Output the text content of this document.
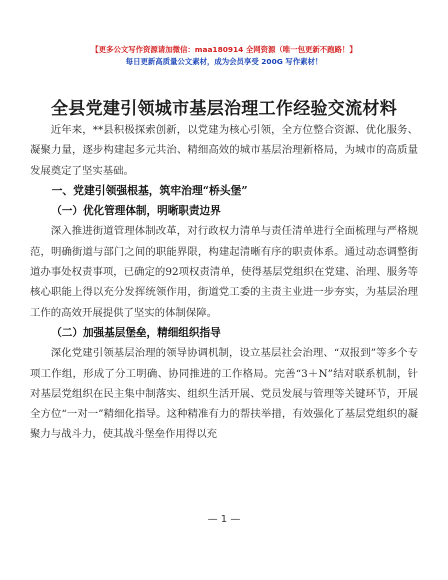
【更多公文写作资源请加微信：maa180914 全网资源（唯一包更新不跑路！】
每日更新高质量公文素材，成为会员享受 200G 写作素材！
全县党建引领城市基层治理工作经验交流材料

近年来，**县积极探索创新，以党建为核心引领，全方位整合资源、优化服务、凝聚力量，逐步构建起多元共治、精细高效的城市基层治理新格局，为城市的高质量发展奠定了坚实基础。

一、党建引领强根基，筑牢治理“桥头堡”
（一）优化管理体制，明晰职责边界

深入推进街道管理体制改革，对行政权力清单与责任清单进行全面梳理与严格规范，明确街道与部门之间的职能界限，构建起清晰有序的职责体系。通过动态调整街道办事处权责事项，已确定的92项权责清单，使得基层党组织在党建、治理、服务等核心职能上得以充分发挥统领作用，街道党工委的主责主业进一步夯实，为基层治理工作的高效开展提供了坚实的体制保障。

（二）加强基层堡垒，精细组织指导

深化党建引领基层治理的领导协调机制，设立基层社会治理、“双报到”等多个专项工作组，形成了分工明确、协同推进的工作格局。完善“3＋N”结对联系机制，针对基层党组织在民主集中制落实、组织生活开展、党员发展与管理等关键环节，开展全方位“一对一”精细化指导。这种精准有力的帮扶举措，有效强化了基层党组织的凝聚力与战斗力，使其战斗堡垒作用得以充

— 1 —
